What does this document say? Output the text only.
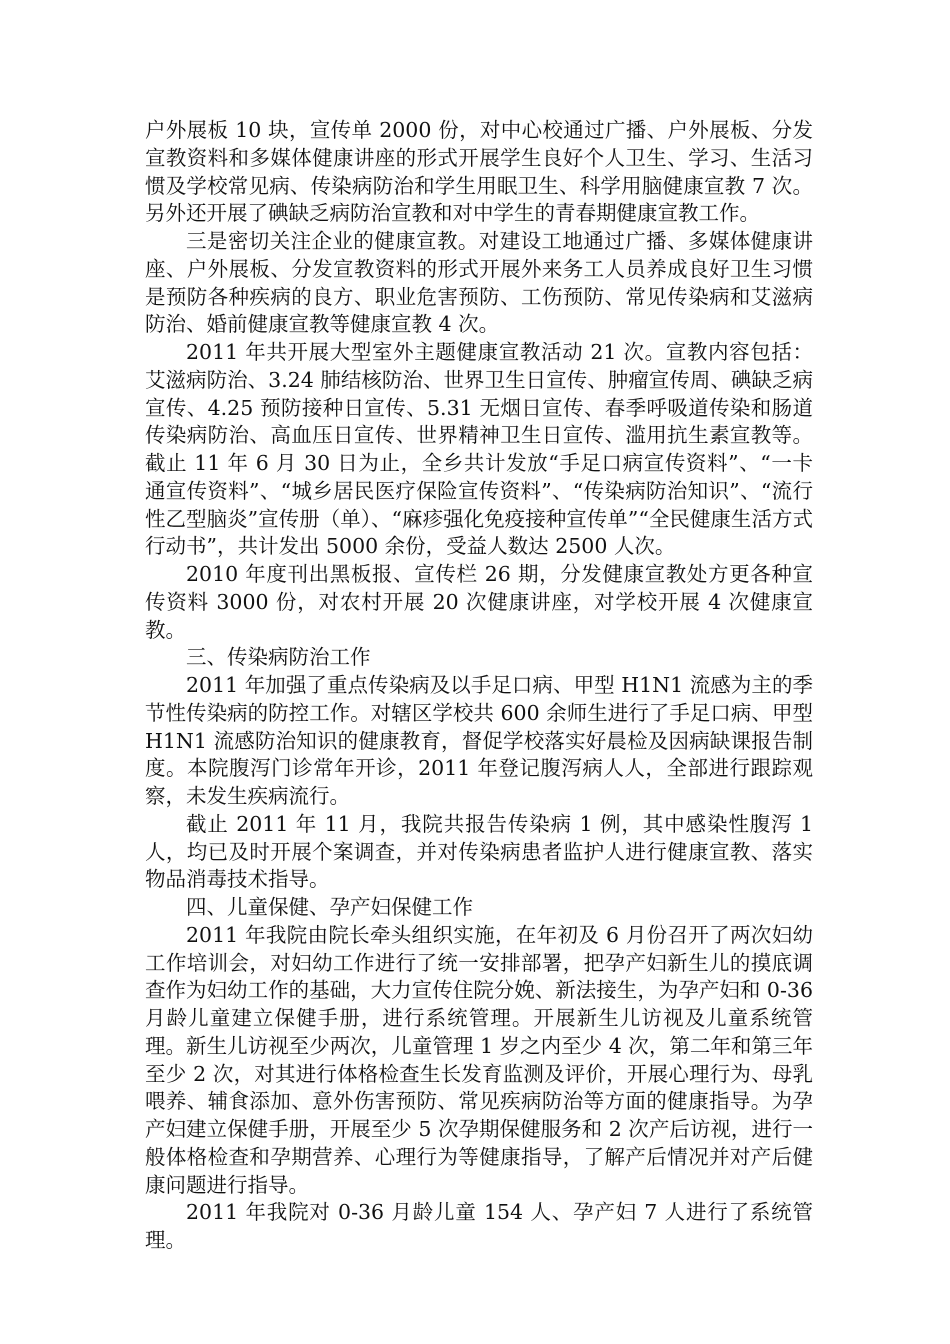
户外展板 10 块，宣传单 2000 份，对中心校通过广播、户外展板、分发宣教资料和多媒体健康讲座的形式开展学生良好个人卫生、学习、生活习惯及学校常见病、传染病防治和学生用眠卫生、科学用脑健康宣教 7 次。另外还开展了碘缺乏病防治宣教和对中学生的青春期健康宣教工作。

三是密切关注企业的健康宣教。对建设工地通过广播、多媒体健康讲座、户外展板、分发宣教资料的形式开展外来务工人员养成良好卫生习惯是预防各种疾病的良方、职业危害预防、工伤预防、常见传染病和艾滋病防治、婚前健康宣教等健康宣教 4 次。

2011 年共开展大型室外主题健康宣教活动 21 次。宣教内容包括：艾滋病防治、3.24 肺结核防治、世界卫生日宣传、肿瘤宣传周、碘缺乏病宣传、4.25 预防接种日宣传、5.31 无烟日宣传、春季呼吸道传染和肠道传染病防治、高血压日宣传、世界精神卫生日宣传、滥用抗生素宣教等。 截止 11 年 6 月 30 日为止，全乡共计发放“手足口病宣传资料”、“一卡通宣传资料”、“城乡居民医疗保险宣传资料”、“传染病防治知识”、“流行性乙型脑炎”宣传册（单）、“麻疹强化免疫接种宣传单”“全民健康生活方式行动书”，共计发出 5000 余份，受益人数达 2500 人次。

2010 年度刊出黑板报、宣传栏 26 期，分发健康宣教处方更各种宣传资料 3000 份，对农村开展 20 次健康讲座，对学校开展 4 次健康宣教。

三、传染病防治工作

2011 年加强了重点传染病及以手足口病、甲型 H1N1 流感为主的季节性传染病的防控工作。对辖区学校共 600 余师生进行了手足口病、甲型 H1N1 流感防治知识的健康教育，督促学校落实好晨检及因病缺课报告制度。本院腹泻门诊常年开诊，2011 年登记腹泻病人人，全部进行跟踪观察，未发生疾病流行。

截止 2011 年 11 月，我院共报告传染病 1 例，其中感染性腹泻 1 人，均已及时开展个案调查，并对传染病患者监护人进行健康宣教、落实物品消毒技术指导。

四、儿童保健、孕产妇保健工作

2011 年我院由院长牵头组织实施，在年初及 6 月份召开了两次妇幼工作培训会，对妇幼工作进行了统一安排部署，把孕产妇新生儿的摸底调查作为妇幼工作的基础，大力宣传住院分娩、新法接生，为孕产妇和 0-36 月龄儿童建立保健手册，进行系统管理。开展新生儿访视及儿童系统管理。新生儿访视至少两次，儿童管理 1 岁之内至少 4 次，第二年和第三年至少 2 次，对其进行体格检查生长发育监测及评价，开展心理行为、母乳喂养、辅食添加、意外伤害预防、常见疾病防治等方面的健康指导。为孕产妇建立保健手册，开展至少 5 次孕期保健服务和 2 次产后访视，进行一般体格检查和孕期营养、心理行为等健康指导，了解产后情况并对产后健康问题进行指导。

2011 年我院对 0-36 月龄儿童 154 人、孕产妇 7 人进行了系统管理。
